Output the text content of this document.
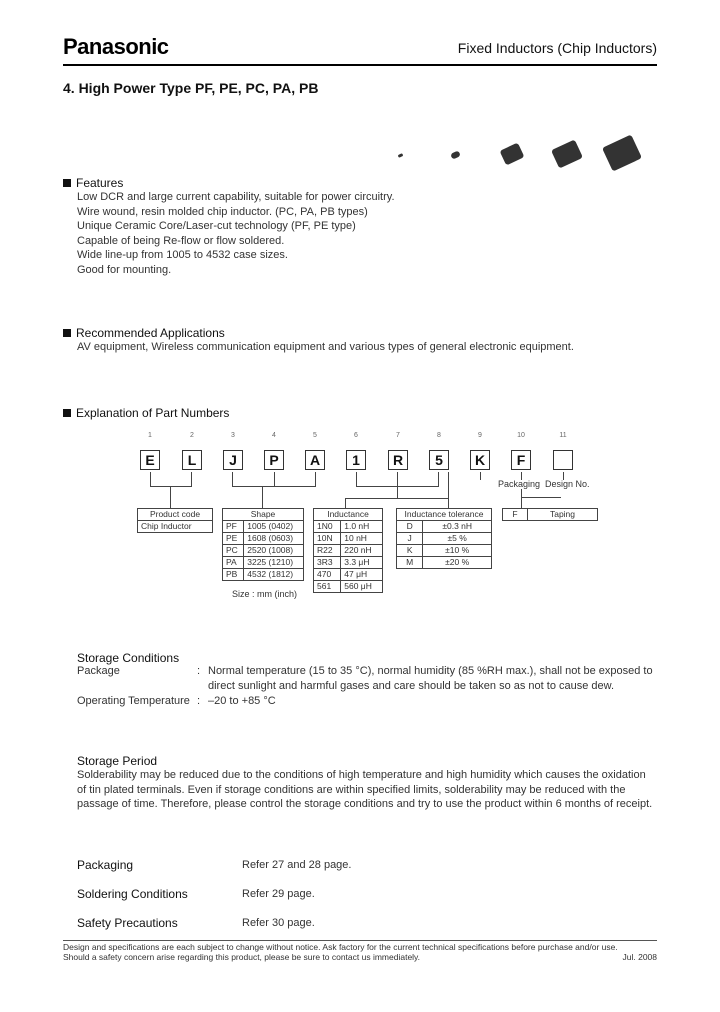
Panasonic	Fixed Inductors (Chip Inductors)
4. High Power Type PF, PE, PC, PA, PB
Features
Low DCR and large current capability, suitable for power circuitry.
Wire wound, resin molded chip inductor. (PC, PA, PB types)
Unique Ceramic Core/Laser-cut technology (PF, PE type)
Capable of being Re-flow or flow soldered.
Wide line-up from 1005 to 4532 case sizes.
Good for mounting.
Recommended Applications
AV equipment, Wireless communication equipment and various types of general electronic equipment.
Explanation of Part Numbers
1	2	3	4	5	6	7	8	9	10	11
E	L	J	P	A	1	R	5	K	F
Packaging Design No.
Product code
Chip Inductor
Shape	
PF	1005 (0402)
PE	1608 (0603)
PC	2520 (1008)
PA	3225 (1210)
PB	4532 (1812)
Size : mm (inch)
Inductance	
1N0	1.0 nH
10N	10 nH
R22	220 nH
3R3	3.3 μH
470	47 μH
561	560 μH
Inductance tolerance	
D	±0.3 nH
J	±5 %
K	±10 %
M	±20 %
F	Taping
Storage Conditions
Package	: Normal temperature (15 to 35 °C), normal humidity (85 %RH max.), shall not be exposed to
direct sunlight and harmful gases and care should be taken so as not to cause dew.
Operating Temperature : –20 to +85 °C
Storage Period
Solderability may be reduced due to the conditions of high temperature and high humidity which causes the oxidation
of tin plated terminals. Even if storage conditions are within specified limits, solderability may be reduced with the
passage of time. Therefore, please control the storage conditions and try to use the product within 6 months of receipt.
Packaging	Refer 27 and 28 page.
Soldering Conditions	Refer 29 page.
Safety Precautions	Refer 30 page.
Design and specifications are each subject to change without notice. Ask factory for the current technical specifications before purchase and/or use.
Should a safety concern arise regarding this product, please be sure to contact us immediately.	Jul. 2008
